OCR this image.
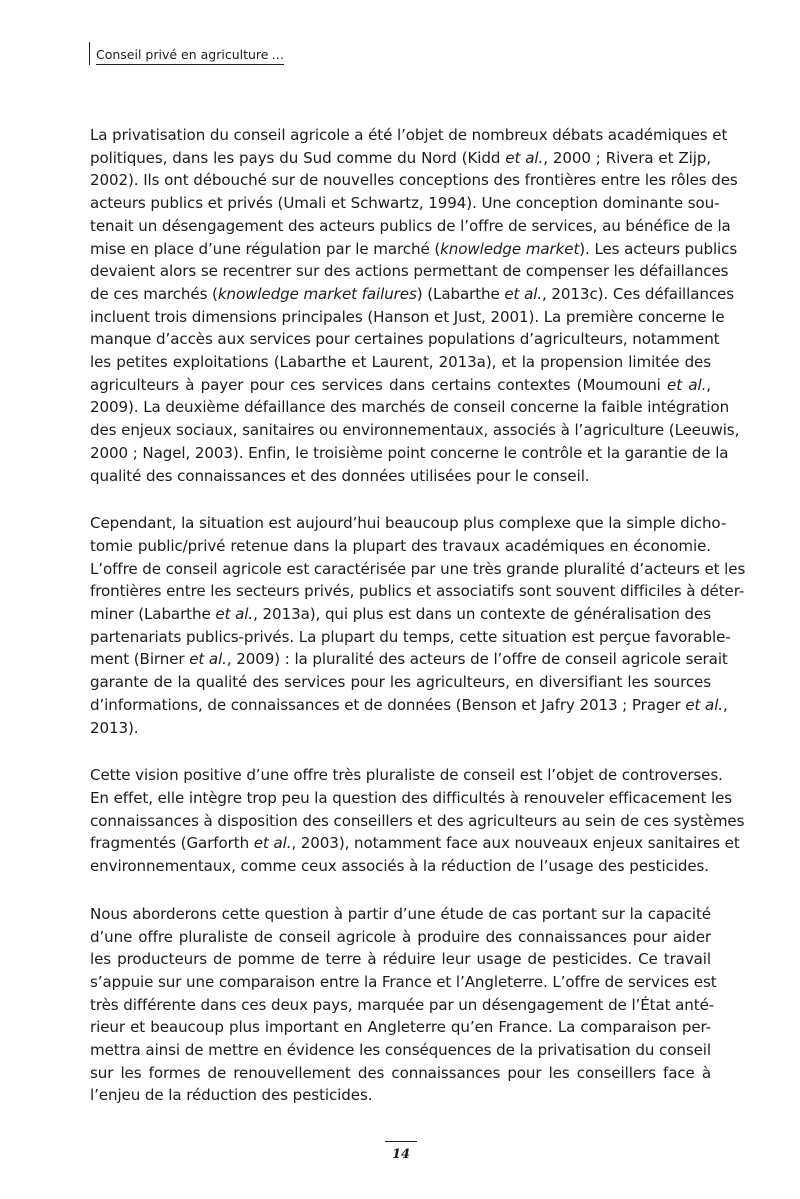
Conseil privé en agriculture …

La privatisation du conseil agricole a été l’objet de nombreux débats académiques et
politiques, dans les pays du Sud comme du Nord (Kidd et al., 2000 ; Rivera et Zijp,
2002). Ils ont débouché sur de nouvelles conceptions des frontières entre les rôles des
acteurs publics et privés (Umali et Schwartz, 1994). Une conception dominante sou-
tenait un désengagement des acteurs publics de l’offre de services, au bénéfice de la
mise en place d’une régulation par le marché (knowledge market). Les acteurs publics
devaient alors se recentrer sur des actions permettant de compenser les défaillances
de ces marchés (knowledge market failures) (Labarthe et al., 2013c). Ces défaillances
incluent trois dimensions principales (Hanson et Just, 2001). La première concerne le
manque d’accès aux services pour certaines populations d’agriculteurs, notamment
les petites exploitations (Labarthe et Laurent, 2013a), et la propension limitée des
agriculteurs à payer pour ces services dans certains contextes (Moumouni et al.,
2009). La deuxième défaillance des marchés de conseil concerne la faible intégration
des enjeux sociaux, sanitaires ou environnementaux, associés à l’agriculture (Leeuwis,
2000 ; Nagel, 2003). Enfin, le troisième point concerne le contrôle et la garantie de la
qualité des connaissances et des données utilisées pour le conseil.

Cependant, la situation est aujourd’hui beaucoup plus complexe que la simple dicho-
tomie public/privé retenue dans la plupart des travaux académiques en économie.
L’offre de conseil agricole est caractérisée par une très grande pluralité d’acteurs et les
frontières entre les secteurs privés, publics et associatifs sont souvent difficiles à déter-
miner (Labarthe et al., 2013a), qui plus est dans un contexte de généralisation des
partenariats publics-privés. La plupart du temps, cette situation est perçue favorable-
ment (Birner et al., 2009) : la pluralité des acteurs de l’offre de conseil agricole serait
garante de la qualité des services pour les agriculteurs, en diversifiant les sources
d’informations, de connaissances et de données (Benson et Jafry 2013 ; Prager et al.,
2013).

Cette vision positive d’une offre très pluraliste de conseil est l’objet de controverses.
En effet, elle intègre trop peu la question des difficultés à renouveler efficacement les
connaissances à disposition des conseillers et des agriculteurs au sein de ces systèmes
fragmentés (Garforth et al., 2003), notamment face aux nouveaux enjeux sanitaires et
environnementaux, comme ceux associés à la réduction de l’usage des pesticides.

Nous aborderons cette question à partir d’une étude de cas portant sur la capacité
d’une offre pluraliste de conseil agricole à produire des connaissances pour aider
les producteurs de pomme de terre à réduire leur usage de pesticides. Ce travail
s’appuie sur une comparaison entre la France et l’Angleterre. L’offre de services est
très différente dans ces deux pays, marquée par un désengagement de l’État anté-
rieur et beaucoup plus important en Angleterre qu’en France. La comparaison per-
mettra ainsi de mettre en évidence les conséquences de la privatisation du conseil
sur les formes de renouvellement des connaissances pour les conseillers face à
l’enjeu de la réduction des pesticides.

14
